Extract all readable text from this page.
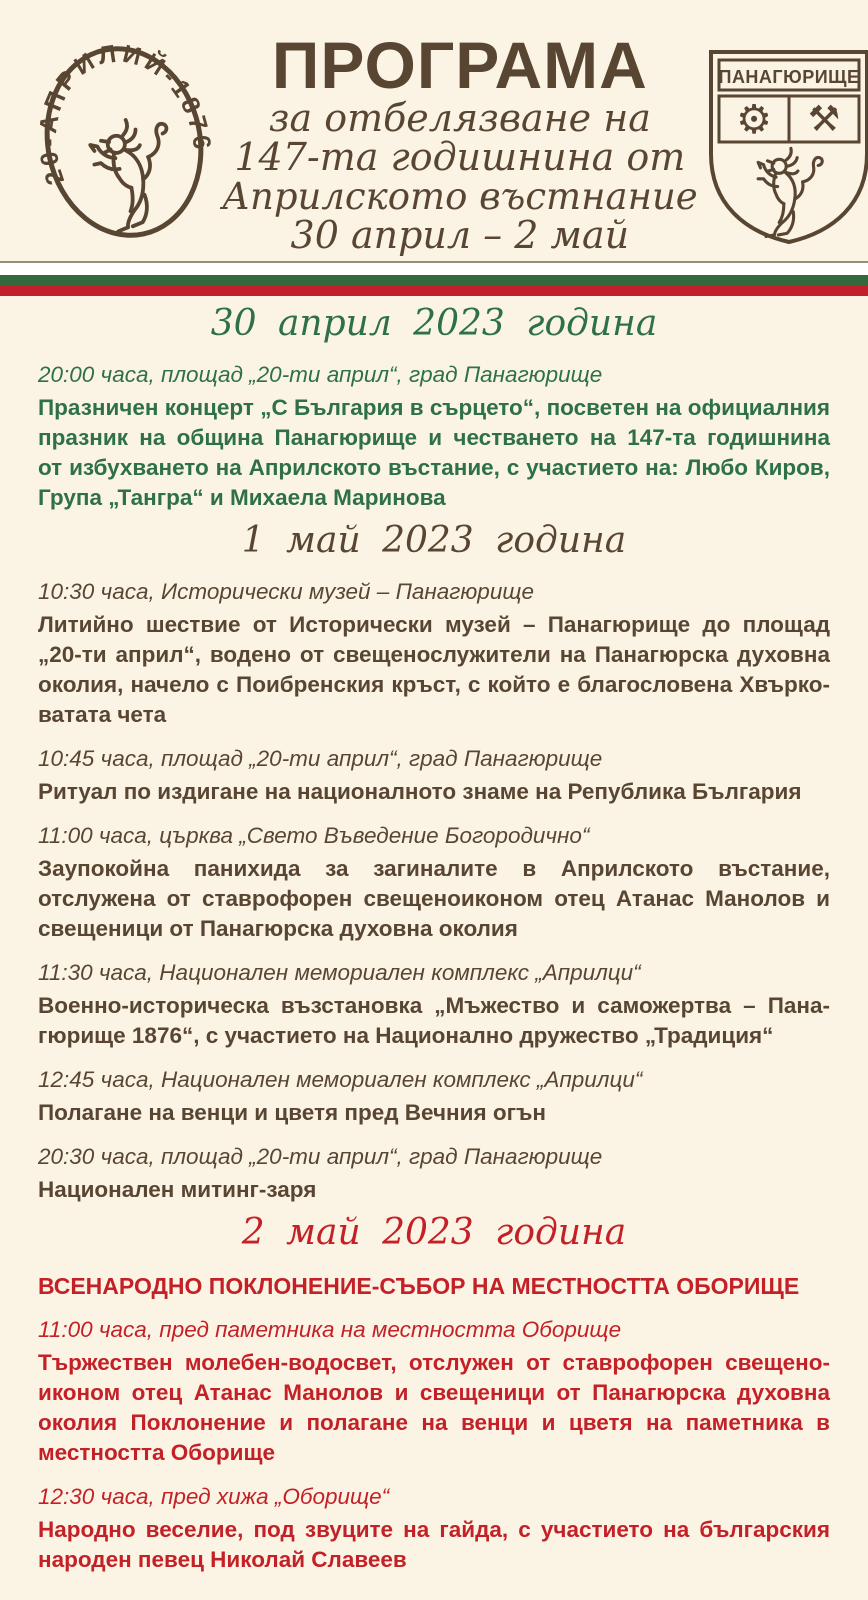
20-АПРИЛИЙ-1876
ПРОГРАМА
за отбелязване на
147-та годишнина от
Априлското въстнание
30 април – 2 май
ПАНАГЮРИЩЕ
⚙ ⚒
30 април 2023 година
20:00 часа, площад „20-ти април“, град Панагюрище
Празничен концерт „С България в сърцето“, посветен на официалния
празник на община Панагюрище и честването на 147-та годишнина
от избухването на Априлското въстание, с участието на: Любо Киров,
Група „Тангра“ и Михаела Маринова
1 май 2023 година
10:30 часа, Исторически музей – Панагюрище
Литийно шествие от Исторически музей – Панагюрище до площад
„20-ти април“, водено от свещенослужители на Панагюрска духовна
околия, начело с Поибренския кръст, с който е благословена Хвърко-
ватата чета
10:45 часа, площад „20-ти април“, град Панагюрище
Ритуал по издигане на националното знаме на Република България
11:00 часа, църква „Свето Въведение Богородично“
Заупокойна панихида за загиналите в Априлското въстание,
отслужена от ставрофорен свещеноиконом отец Атанас Манолов и
свещеници от Панагюрска духовна околия
11:30 часа, Национален мемориален комплекс „Априлци“
Военно-историческа възстановка „Мъжество и саможертва – Пана-
гюрище 1876“, с участието на Национално дружество „Традиция“
12:45 часа, Национален мемориален комплекс „Априлци“
Полагане на венци и цветя пред Вечния огън
20:30 часа, площад „20-ти април“, град Панагюрище
Национален митинг-заря
2 май 2023 година
ВСЕНАРОДНО ПОКЛОНЕНИЕ-СЪБОР НА МЕСТНОСТТА ОБОРИЩЕ
11:00 часа, пред паметника на местността Оборище
Тържествен молебен-водосвет, отслужен от ставрофорен свещено-
иконом отец Атанас Манолов и свещеници от Панагюрска духовна
околия Поклонение и полагане на венци и цветя на паметника в
местността Оборище
12:30 часа, пред хижа „Оборище“
Народно веселие, под звуците на гайда, с участието на българския
народен певец Николай Славеев
